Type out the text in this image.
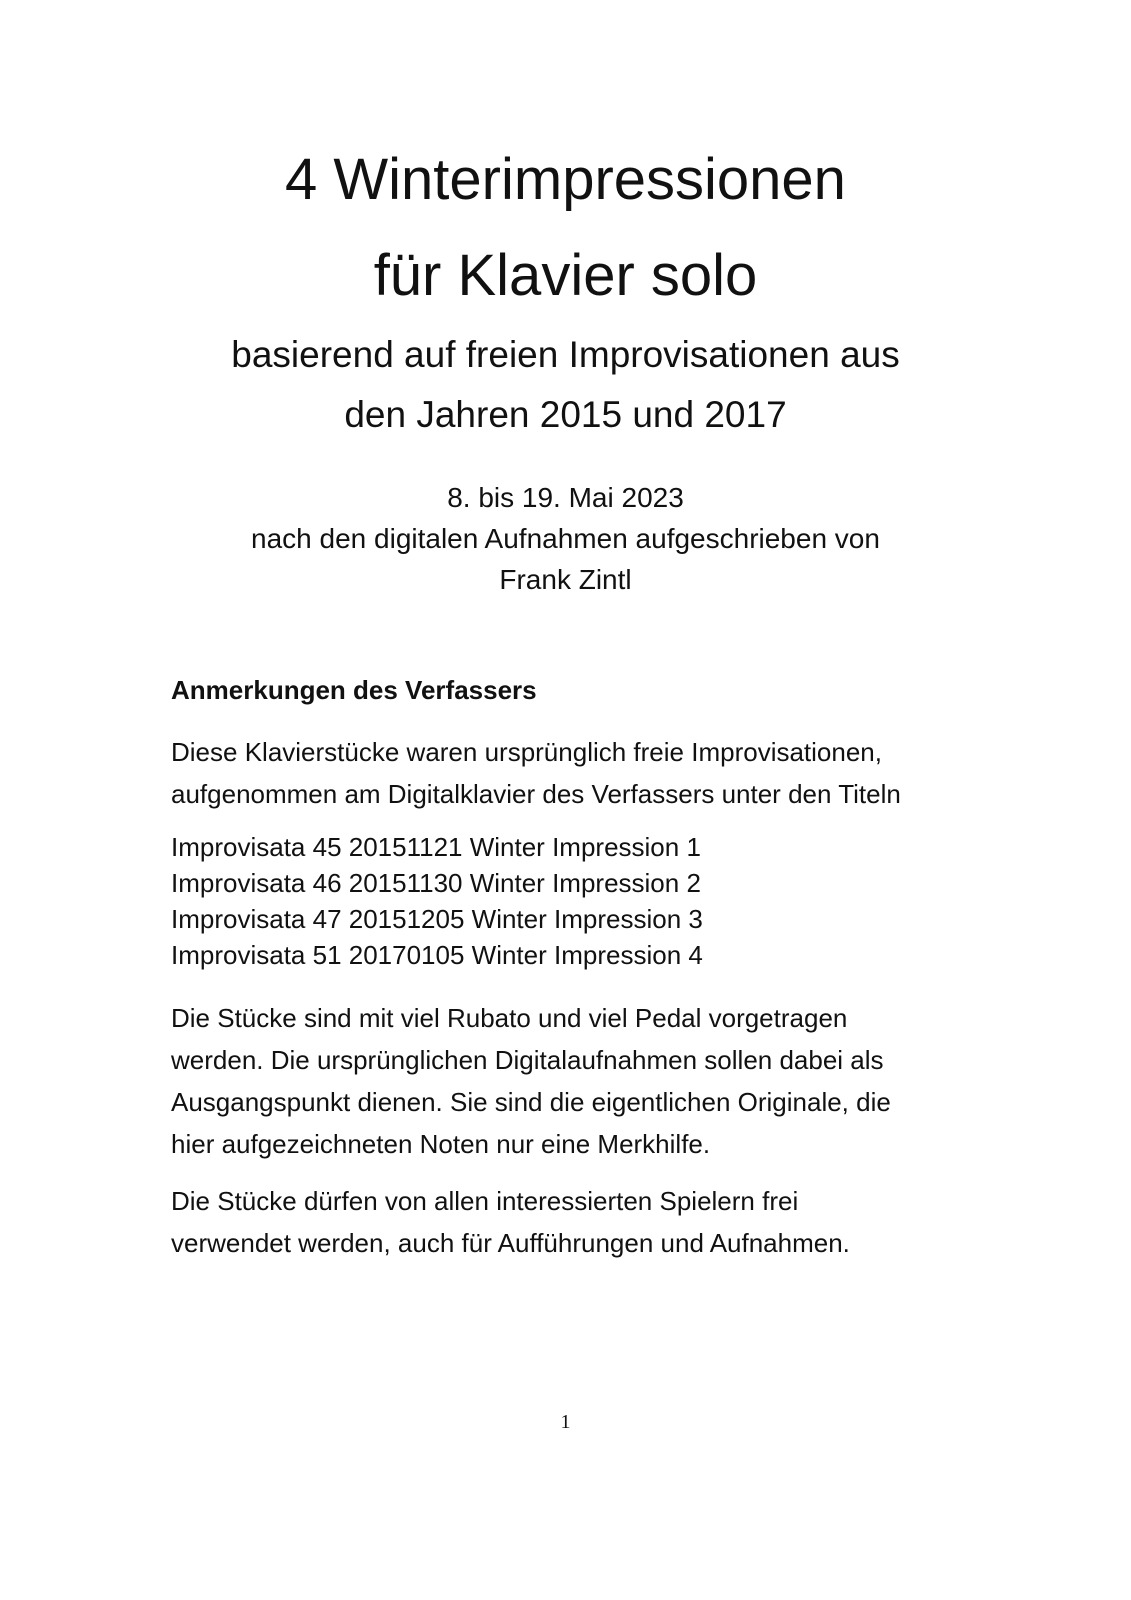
4 Winterimpressionen
für Klavier solo
basierend auf freien Improvisationen aus
den Jahren 2015 und 2017

8. bis 19. Mai 2023

nach den digitalen Aufnahmen aufgeschrieben von

Frank Zintl

Anmerkungen des Verfassers

Diese Klavierstücke waren ursprünglich freie Improvisationen,
aufgenommen am Digitalklavier des Verfassers unter den Titeln

Improvisata 45 20151121 Winter Impression 1
Improvisata 46 20151130 Winter Impression 2
Improvisata 47 20151205 Winter Impression 3
Improvisata 51 20170105 Winter Impression 4

Die Stücke sind mit viel Rubato und viel Pedal vorgetragen
werden. Die ursprünglichen Digitalaufnahmen sollen dabei als
Ausgangspunkt dienen. Sie sind die eigentlichen Originale, die
hier aufgezeichneten Noten nur eine Merkhilfe.

Die Stücke dürfen von allen interessierten Spielern frei
verwendet werden, auch für Aufführungen und Aufnahmen.

1
